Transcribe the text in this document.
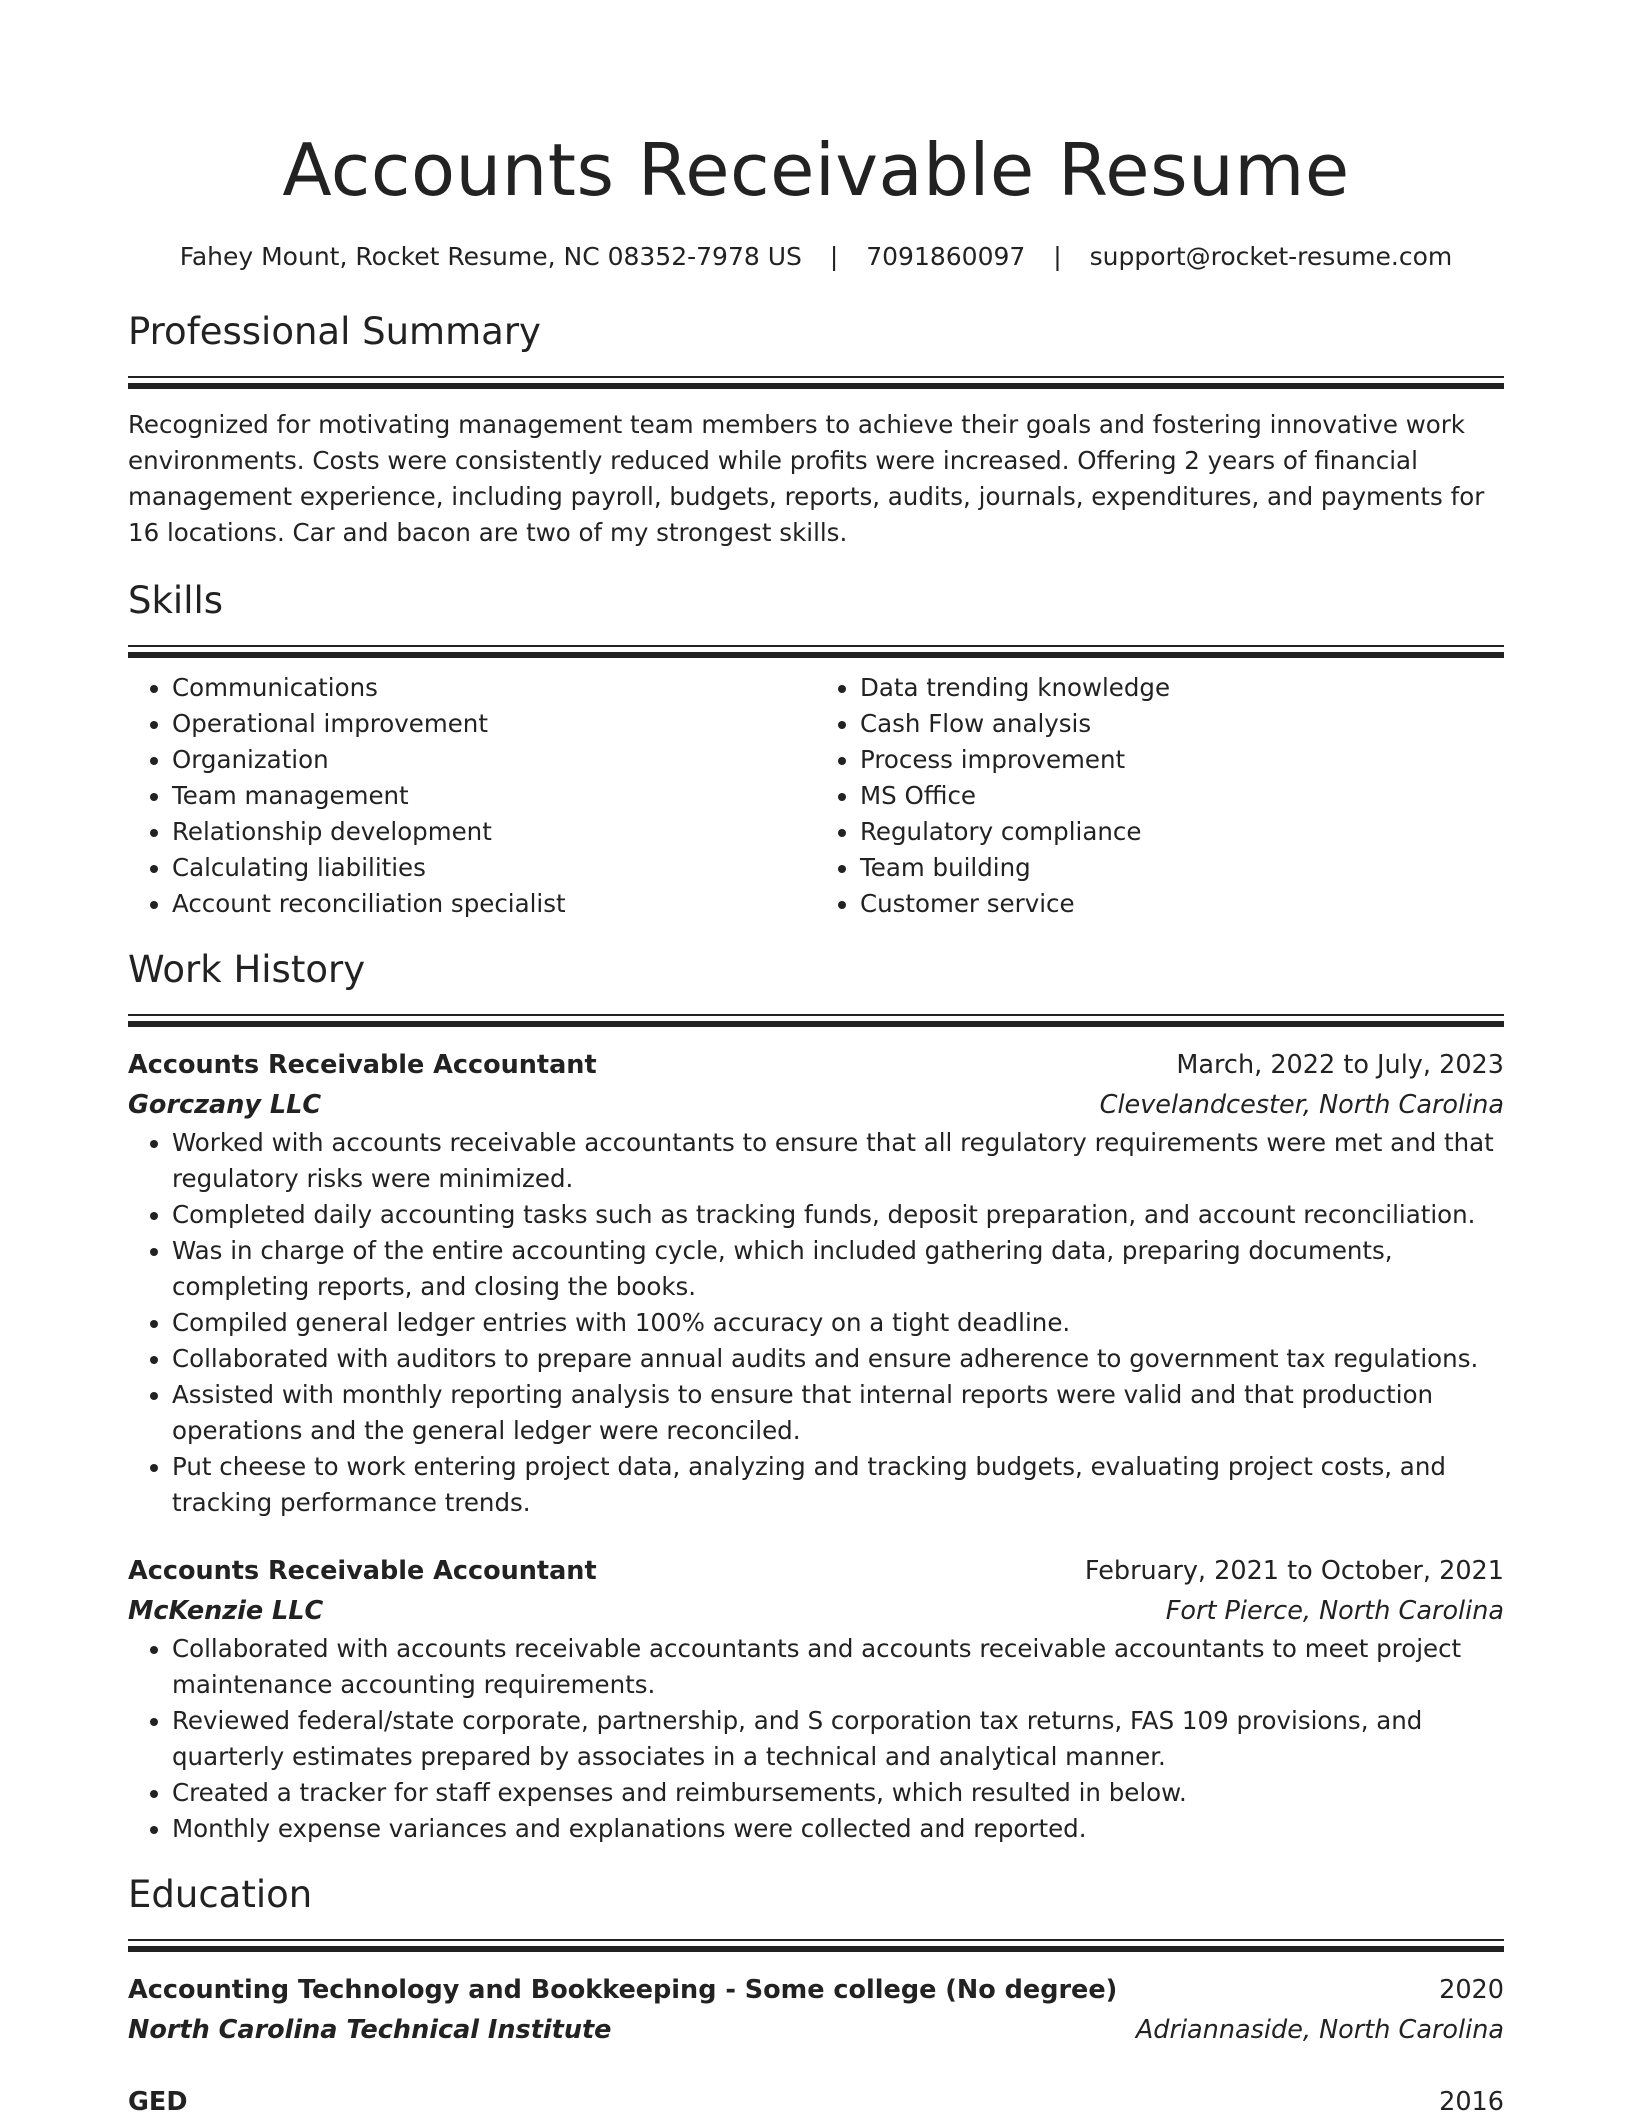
Accounts Receivable Resume
Fahey Mount, Rocket Resume, NC 08352-7978 US | 7091860097 | support@rocket-resume.com
Professional Summary

Recognized for motivating management team members to achieve their goals and fostering innovative work environments. Costs were consistently reduced while profits were increased. Offering 2 years of financial management experience, including payroll, budgets, reports, audits, journals, expenditures, and payments for 16 locations. Car and bacon are two of my strongest skills.

Skills
• Communications
• Operational improvement
• Organization
• Team management
• Relationship development
• Calculating liabilities
• Account reconciliation specialist
• Data trending knowledge
• Cash Flow analysis
• Process improvement
• MS Office
• Regulatory compliance
• Team building
• Customer service
Work History
Accounts Receivable Accountant	March, 2022 to July, 2023
Gorczany LLC	Clevelandcester, North Carolina
• Worked with accounts receivable accountants to ensure that all regulatory requirements were met and that regulatory risks were minimized.
• Completed daily accounting tasks such as tracking funds, deposit preparation, and account reconciliation.
• Was in charge of the entire accounting cycle, which included gathering data, preparing documents, completing reports, and closing the books.
• Compiled general ledger entries with 100% accuracy on a tight deadline.
• Collaborated with auditors to prepare annual audits and ensure adherence to government tax regulations.
• Assisted with monthly reporting analysis to ensure that internal reports were valid and that production operations and the general ledger were reconciled.
• Put cheese to work entering project data, analyzing and tracking budgets, evaluating project costs, and tracking performance trends.
Accounts Receivable Accountant	February, 2021 to October, 2021
McKenzie LLC	Fort Pierce, North Carolina
• Collaborated with accounts receivable accountants and accounts receivable accountants to meet project maintenance accounting requirements.
• Reviewed federal/state corporate, partnership, and S corporation tax returns, FAS 109 provisions, and quarterly estimates prepared by associates in a technical and analytical manner.
• Created a tracker for staff expenses and reimbursements, which resulted in below.
• Monthly expense variances and explanations were collected and reported.
Education
Accounting Technology and Bookkeeping - Some college (No degree)	2020
North Carolina Technical Institute	Adriannaside, North Carolina
GED	2016
